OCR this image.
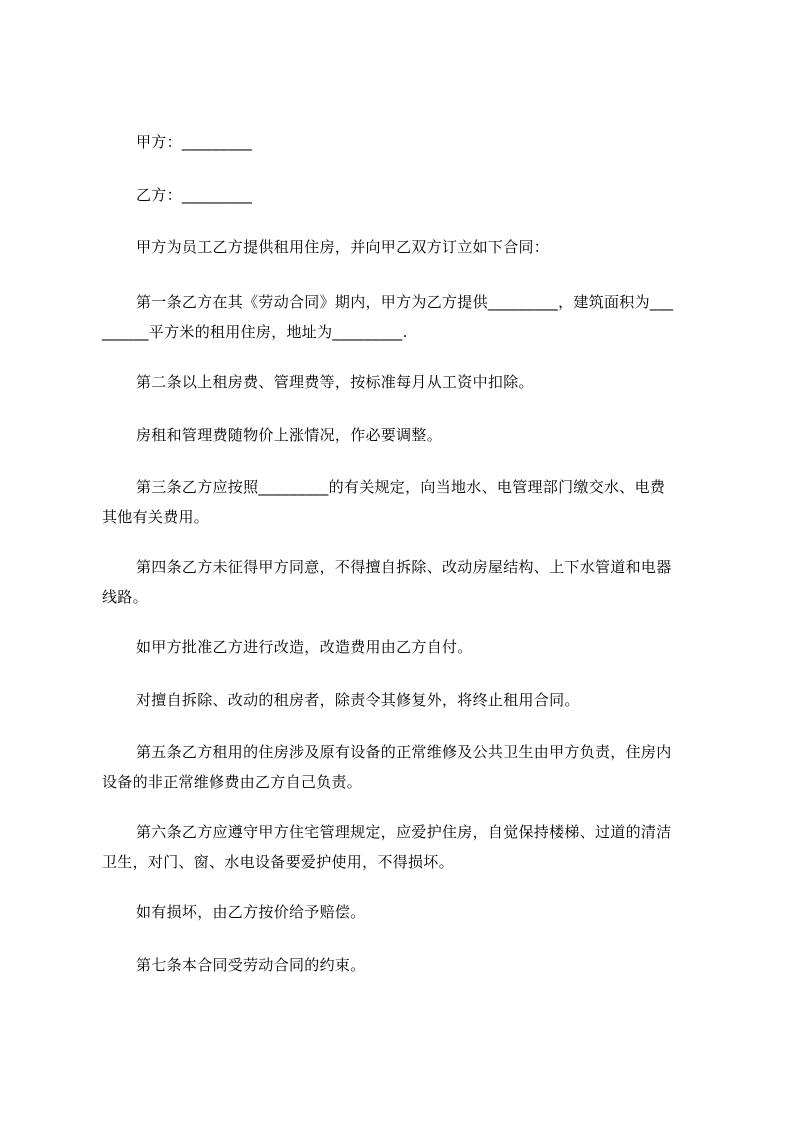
甲方：_________

乙方：_________

甲方为员工乙方提供租用住房，并向甲乙双方订立如下合同：

第一条乙方在其《劳动合同》期内，甲方为乙方提供_________，建筑面积为___
______平方米的租用住房，地址为_________.

第二条以上租房费、管理费等，按标准每月从工资中扣除。

房租和管理费随物价上涨情况，作必要调整。

第三条乙方应按照_________的有关规定，向当地水、电管理部门缴交水、电费
其他有关费用。
第四条乙方未征得甲方同意，不得擅自拆除、改动房屋结构、上下水管道和电器
线路。

如甲方批准乙方进行改造，改造费用由乙方自付。

对擅自拆除、改动的租房者，除责令其修复外，将终止租用合同。

第五条乙方租用的住房涉及原有设备的正常维修及公共卫生由甲方负责，住房内
设备的非正常维修费由乙方自己负责。
第六条乙方应遵守甲方住宅管理规定，应爱护住房，自觉保持楼梯、过道的清洁
卫生，对门、窗、水电设备要爱护使用，不得损坏。

如有损坏，由乙方按价给予赔偿。

第七条本合同受劳动合同的约束。
